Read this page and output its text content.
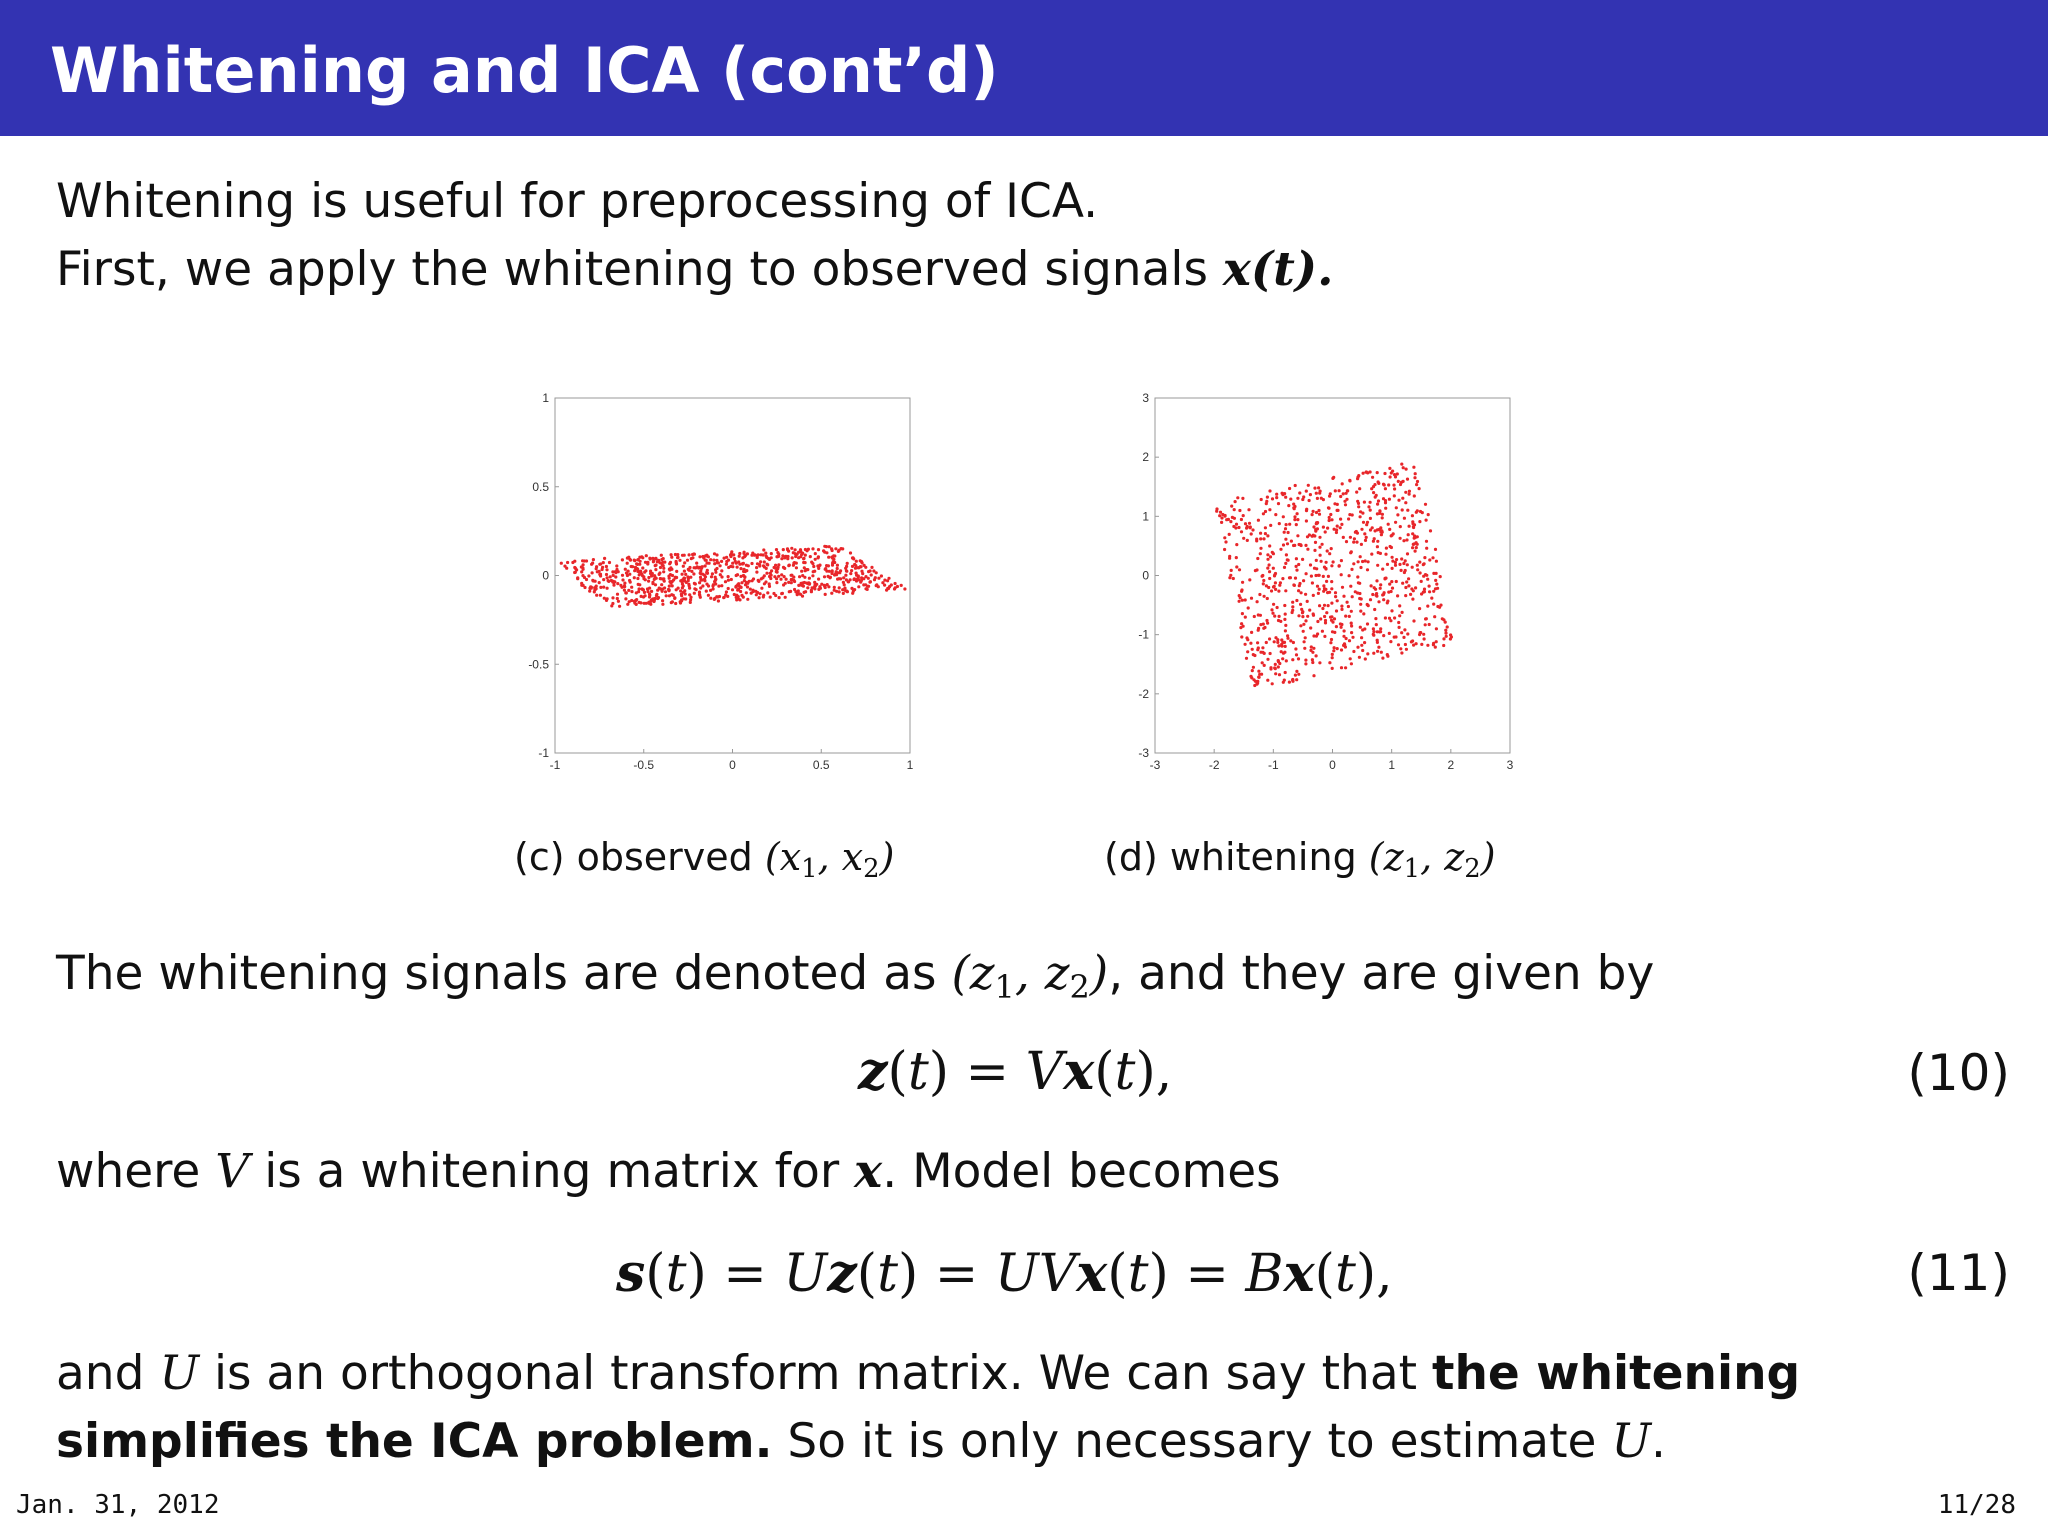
Whitening and ICA (cont’d)
Whitening is useful for preprocessing of ICA.
First, we apply the whitening to observed signals x(t).
-1	-0.5	0	0.5	1
-1
-0.5
0
0.5
1
-3	-2	-1	0	1	2	3
-3
-2
-1
0
1
2
3
(c) observed ($x_1$, $x_2$)	(d) whitening ($z_1$, $z_2$)
The whitening signals are denoted as ($z_1$, $z_2$), and they are given by
z(t) = Vx(t),	(10)
where V is a whitening matrix for x. Model becomes
s(t) = Uz(t) = UVx(t) = Bx(t),	(11)
and U is an orthogonal transform matrix. We can say that the whitening
simplifies the ICA problem. So it is only necessary to estimate U.
Jan. 31, 2012	11/28
